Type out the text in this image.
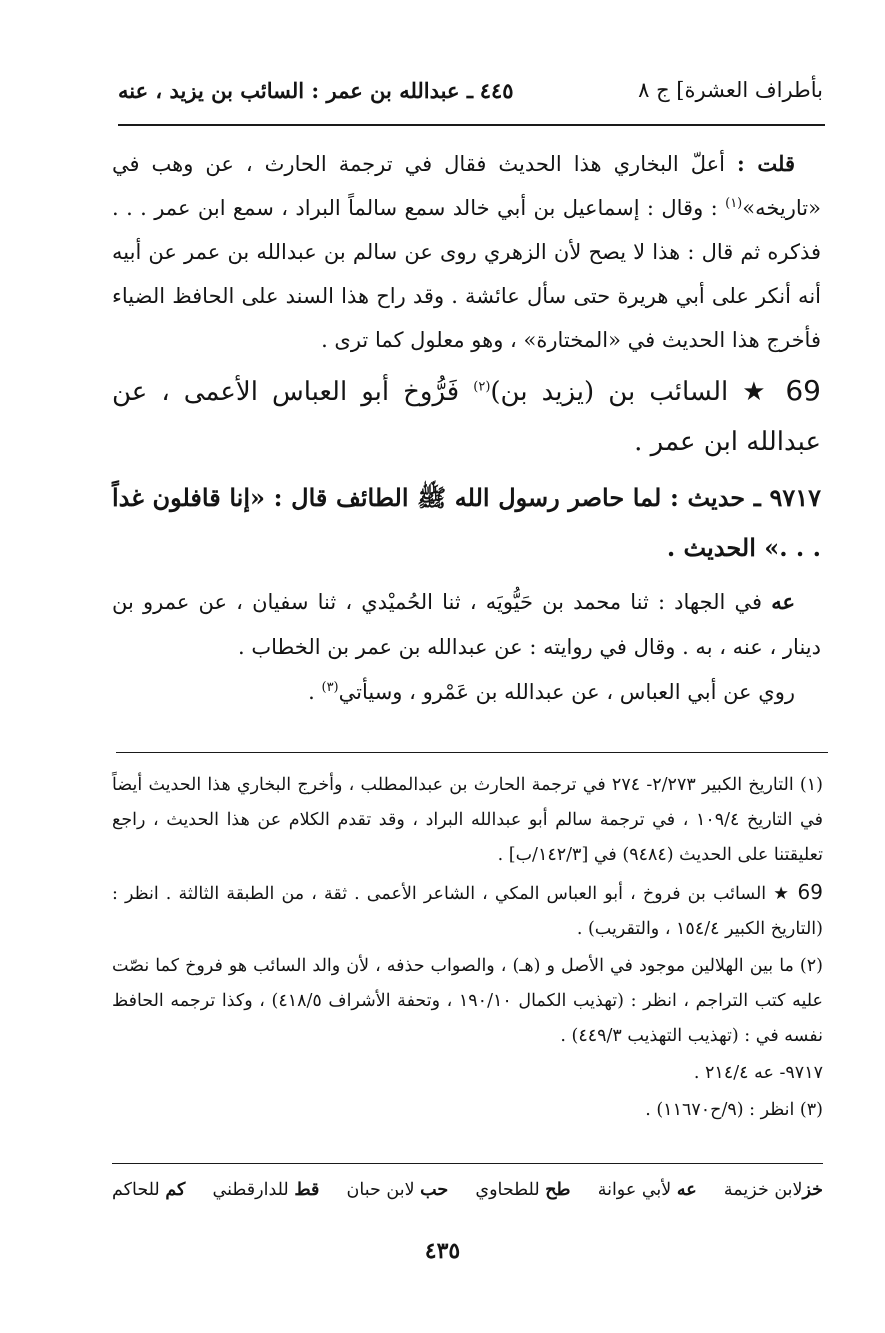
بأطراف العشرة] ج ٨
٤٤٥ ـ عبدالله بن عمر : السائب بن يزيد ، عنه

قلت : أعلّ البخاري هذا الحديث فقال في ترجمة الحارث ، عن وهب في «تاريخه»$^{(١)}$ : وقال : إسماعيل بن أبي خالد سمع سالماً البراد ، سمع ابن عمر . . . فذكره ثم قال : هذا لا يصح لأن الزهري روى عن سالم بن عبدالله بن عمر عن أبيه أنه أنكر على أبي هريرة حتى سأل عائشة . وقد راح هذا السند على الحافظ الضياء فأخرج هذا الحديث في «المختارة» ، وهو معلول كما ترى .

69 ★ السائب بن (يزيد بن)$^{(٢)}$ فَرُّوخ أبو العباس الأعمى ، عن عبدالله ابن عمر .

٩٧١٧ ـ حديث : لما حاصر رسول الله ﷺ الطائف قال : «إنا قافلون غداً . . .» الحديث .

عه في الجهاد : ثنا محمد بن حَيُّويَه ، ثنا الحُميْدي ، ثنا سفيان ، عن عمرو بن دينار ، عنه ، به . وقال في روايته : عن عبدالله بن عمر بن الخطاب .

روي عن أبي العباس ، عن عبدالله بن عَمْرو ، وسيأتي$^{(٣)}$ .

(١) التاريخ الكبير ٢/٢٧٣- ٢٧٤ في ترجمة الحارث بن عبدالمطلب ، وأخرج البخاري هذا الحديث أيضاً في التاريخ ١٠٩/٤ ، في ترجمة سالم أبو عبدالله البراد ، وقد تقدم الكلام عن هذا الحديث ، راجع تعليقتنا على الحديث (٩٤٨٤) في [١٤٢/٣/ب] .

69 ★ السائب بن فروخ ، أبو العباس المكي ، الشاعر الأعمى . ثقة ، من الطبقة الثالثة . انظر : (التاريخ الكبير ١٥٤/٤ ، والتقريب) .

(٢) ما بين الهلالين موجود في الأصل و (هـ) ، والصواب حذفه ، لأن والد السائب هو فروخ كما نصّت عليه كتب التراجم ، انظر : (تهذيب الكمال ١٩٠/١٠ ، وتحفة الأشراف ٤١٨/٥) ، وكذا ترجمه الحافظ نفسه في : (تهذيب التهذيب ٤٤٩/٣) .

٩٧١٧- عه ٢١٤/٤ .

(٣) انظر : (٩/ح١١٦٧٠) .

خزلابن خزيمة
عه لأبي عوانة
طح للطحاوي
حب لابن حبان
قط للدارقطني
كم للحاكم
٤٣٥
